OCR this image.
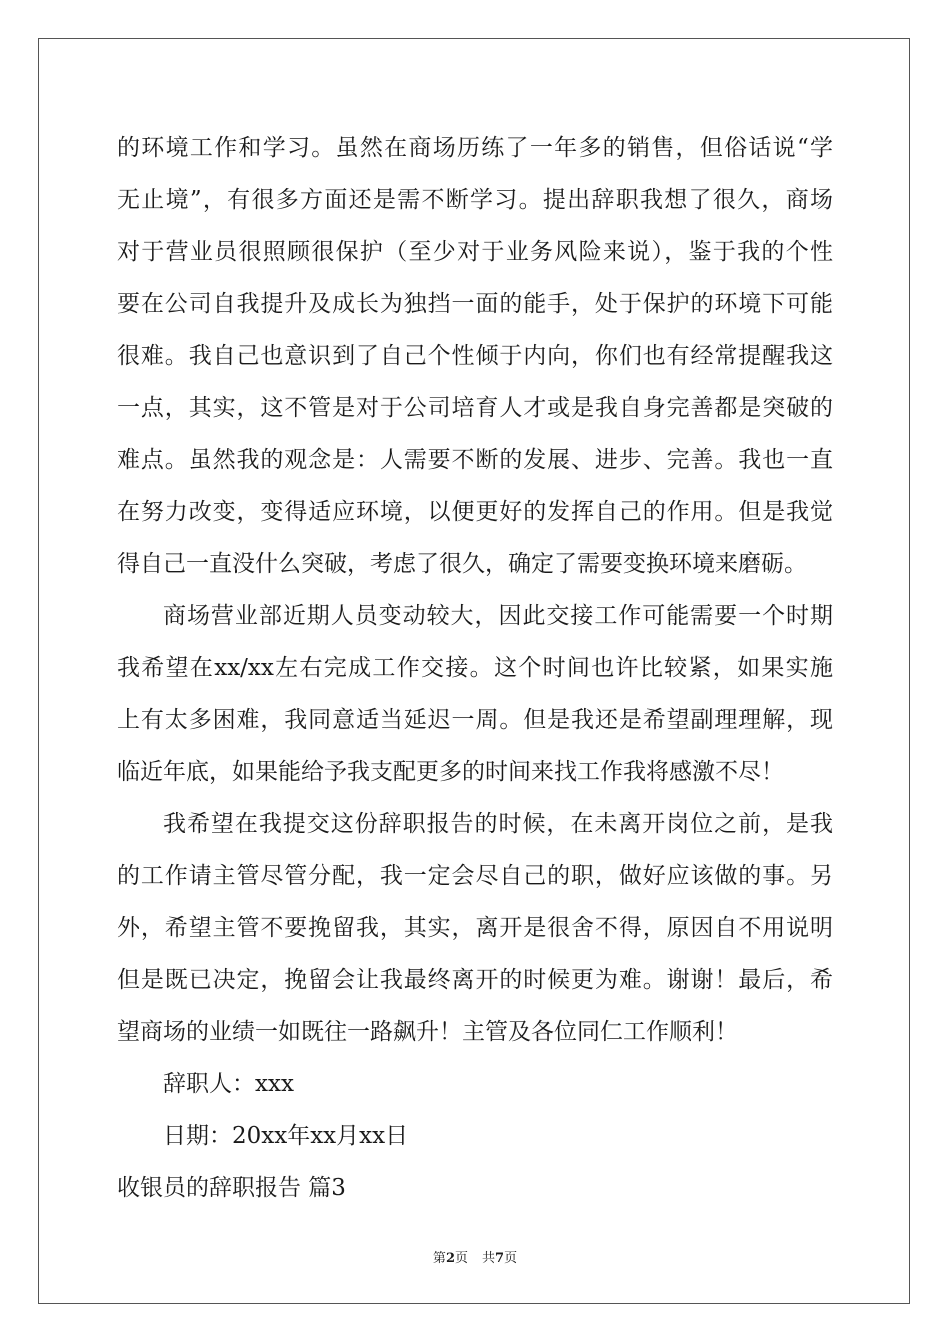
的环境工作和学习。虽然在商场历练了一年多的销售，但俗话说“学
无止境”，有很多方面还是需不断学习。提出辞职我想了很久，商场
对于营业员很照顾很保护（至少对于业务风险来说），鉴于我的个性
要在公司自我提升及成长为独挡一面的能手，处于保护的环境下可能
很难。我自己也意识到了自己个性倾于内向，你们也有经常提醒我这
一点，其实，这不管是对于公司培育人才或是我自身完善都是突破的
难点。虽然我的观念是：人需要不断的发展、进步、完善。我也一直
在努力改变，变得适应环境，以便更好的发挥自己的作用。但是我觉
得自己一直没什么突破，考虑了很久，确定了需要变换环境来磨砺。
商场营业部近期人员变动较大，因此交接工作可能需要一个时期
我希望在xx/xx左右完成工作交接。这个时间也许比较紧，如果实施
上有太多困难，我同意适当延迟一周。但是我还是希望副理理解，现
临近年底，如果能给予我支配更多的时间来找工作我将感激不尽！
我希望在我提交这份辞职报告的时候，在未离开岗位之前，是我
的工作请主管尽管分配，我一定会尽自己的职，做好应该做的事。另
外，希望主管不要挽留我，其实，离开是很舍不得，原因自不用说明
但是既已决定，挽留会让我最终离开的时候更为难。谢谢！最后，希
望商场的业绩一如既往一路飙升！主管及各位同仁工作顺利！
辞职人：xxx
日期：20xx年xx月xx日
收银员的辞职报告 篇3
第2页 共7页
